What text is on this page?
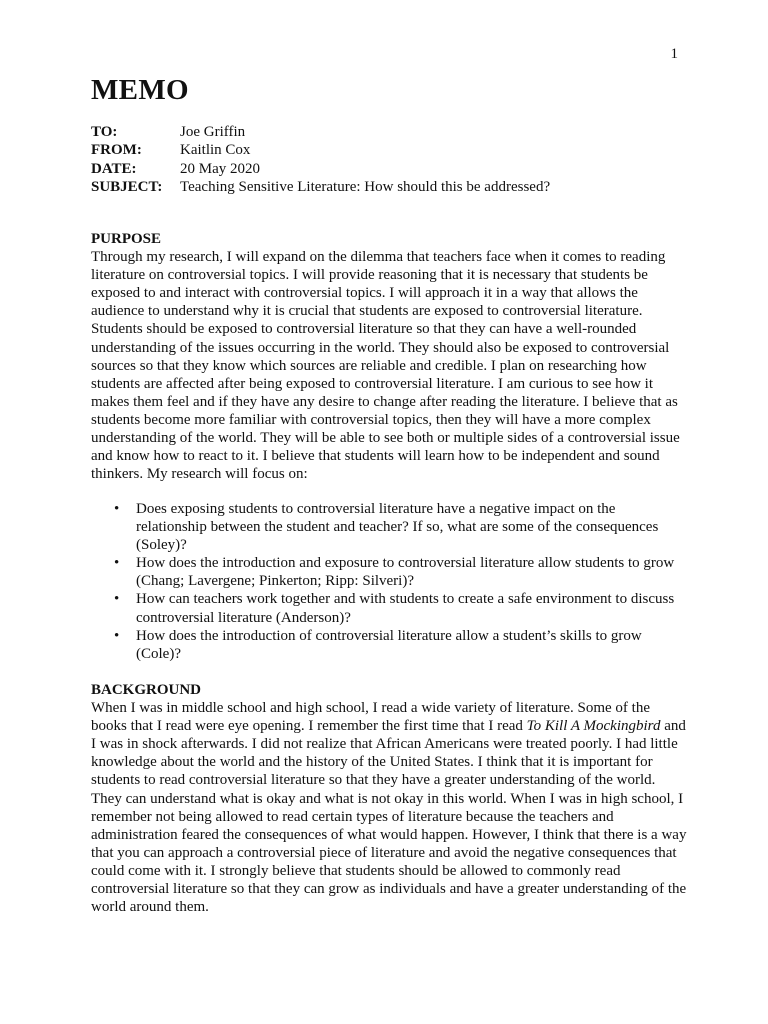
1
MEMO
TO:	Joe Griffin
FROM:	Kaitlin Cox
DATE:	20 May 2020
SUBJECT:	Teaching Sensitive Literature: How should this be addressed?
PURPOSE

Through my research, I will expand on the dilemma that teachers face when it comes to reading literature on controversial topics. I will provide reasoning that it is necessary that students be exposed to and interact with controversial topics. I will approach it in a way that allows the audience to understand why it is crucial that students are exposed to controversial literature. Students should be exposed to controversial literature so that they can have a well-rounded understanding of the issues occurring in the world. They should also be exposed to controversial sources so that they know which sources are reliable and credible. I plan on researching how students are affected after being exposed to controversial literature. I am curious to see how it makes them feel and if they have any desire to change after reading the literature. I believe that as students become more familiar with controversial topics, then they will have a more complex understanding of the world. They will be able to see both or multiple sides of a controversial issue and know how to react to it. I believe that students will learn how to be independent and sound thinkers. My research will focus on:

• Does exposing students to controversial literature have a negative impact on the relationship between the student and teacher? If so, what are some of the consequences (Soley)?
• How does the introduction and exposure to controversial literature allow students to grow (Chang; Lavergene; Pinkerton; Ripp: Silveri)?
• How can teachers work together and with students to create a safe environment to discuss controversial literature (Anderson)?
• How does the introduction of controversial literature allow a student’s skills to grow (Cole)?
BACKGROUND

When I was in middle school and high school, I read a wide variety of literature. Some of the books that I read were eye opening. I remember the first time that I read To Kill A Mockingbird and I was in shock afterwards. I did not realize that African Americans were treated poorly. I had little knowledge about the world and the history of the United States. I think that it is important for students to read controversial literature so that they have a greater understanding of the world. They can understand what is okay and what is not okay in this world. When I was in high school, I remember not being allowed to read certain types of literature because the teachers and administration feared the consequences of what would happen. However, I think that there is a way that you can approach a controversial piece of literature and avoid the negative consequences that could come with it. I strongly believe that students should be allowed to commonly read controversial literature so that they can grow as individuals and have a greater understanding of the world around them.
